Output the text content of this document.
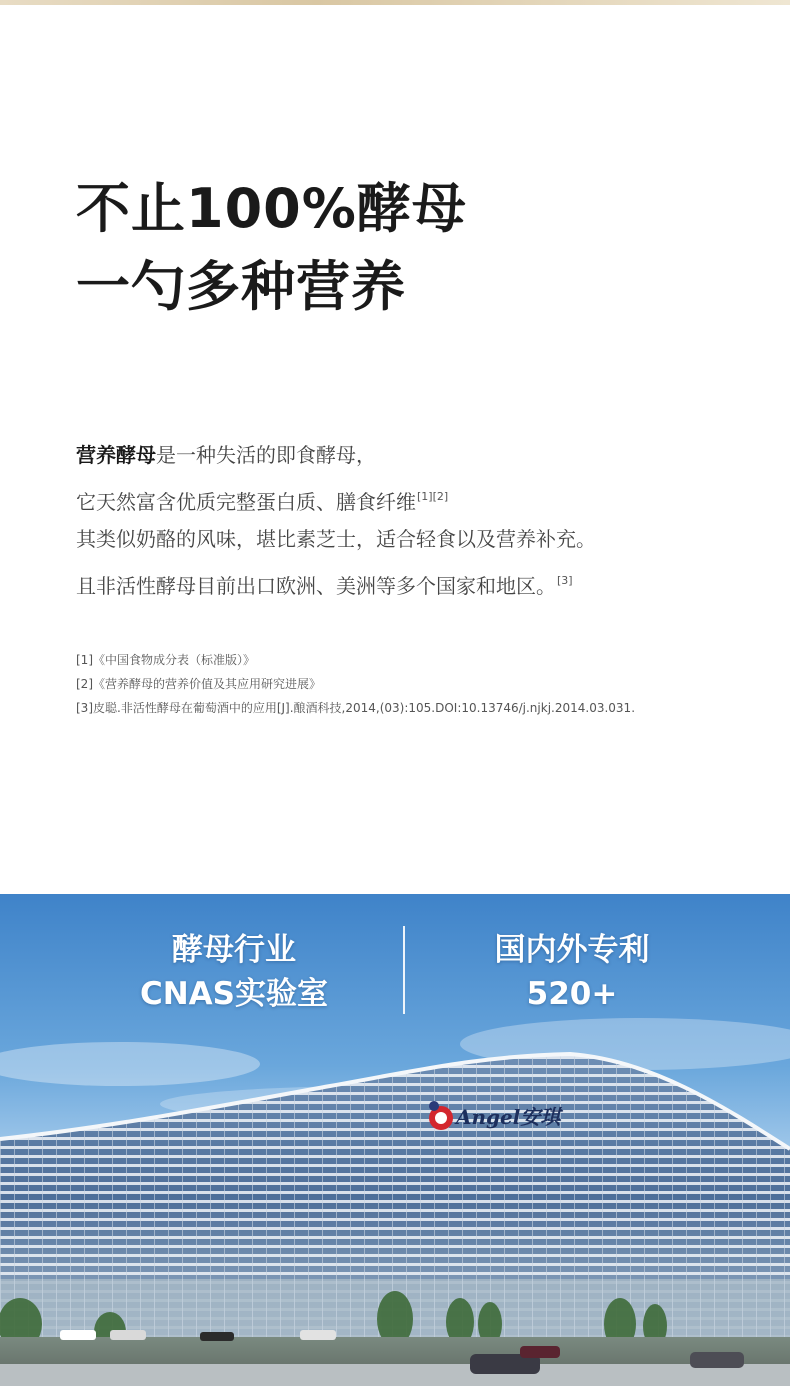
不止100%酵母
一勺多种营养
营养酵母是一种失活的即食酵母，
它天然富含优质完整蛋白质、膳食纤维[1][2]
其类似奶酪的风味，堪比素芝士，适合轻食以及营养补充。
且非活性酵母目前出口欧洲、美洲等多个国家和地区。[3]
[1]《中国食物成分表（标准版）》
[2]《营养酵母的营养价值及其应用研究进展》
[3]皮聪.非活性酵母在葡萄酒中的应用[J].酿酒科技,2014,(03):105.DOI:10.13746/j.njkj.2014.03.031.
Angel安琪
酵母行业
CNAS实验室
国内外专利
520+
